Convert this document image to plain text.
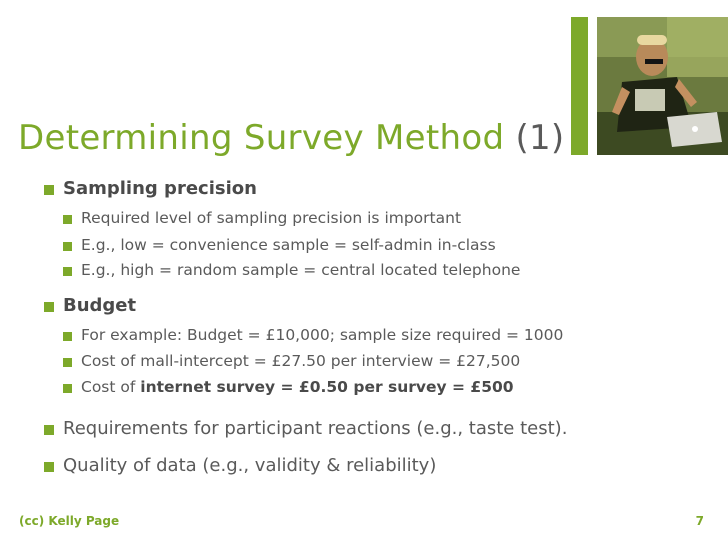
Determining Survey Method (1)
Sampling precision
Required level of sampling precision is important
E.g., low = convenience sample = self-admin in-class
E.g., high = random sample = central located telephone
Budget
For example: Budget = £10,000; sample size required = 1000
Cost of mall-intercept = £27.50 per interview = £27,500
Cost of internet survey = £0.50 per survey = £500
Requirements for participant reactions (e.g., taste test).
Quality of data (e.g., validity & reliability)
(cc) Kelly Page	7
